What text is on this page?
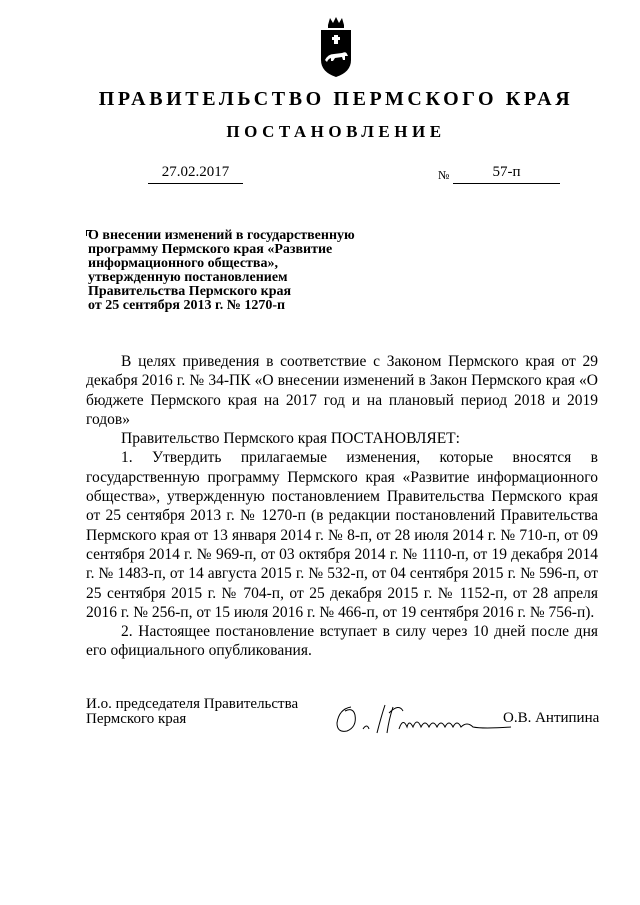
ПРАВИТЕЛЬСТВО ПЕРМСКОГО КРАЯ
ПОСТАНОВЛЕНИЕ
27.02.2017	№	57-п
О внесении изменений в государственную
программу Пермского края «Развитие
информационного общества»,
утвержденную постановлением
Правительства Пермского края
от 25 сентября 2013 г. № 1270-п

В целях приведения в соответствие с Законом Пермского края от 29 декабря 2016 г. № 34-ПК «О внесении изменений в Закон Пермского края «О бюджете Пермского края на 2017 год и на плановый период 2018 и 2019 годов»

Правительство Пермского края ПОСТАНОВЛЯЕТ:

1. Утвердить прилагаемые изменения, которые вносятся в государственную программу Пермского края «Развитие информационного общества», утвержденную постановлением Правительства Пермского края от 25 сентября 2013 г. № 1270-п (в редакции постановлений Правительства Пермского края от 13 января 2014 г. № 8-п, от 28 июля 2014 г. № 710-п, от 09 сентября 2014 г. № 969-п, от 03 октября 2014 г. № 1110-п, от 19 декабря 2014 г. № 1483-п, от 14 августа 2015 г. № 532-п, от 04 сентября 2015 г. № 596-п, от 25 сентября 2015 г. № 704-п, от 25 декабря 2015 г. № 1152-п, от 28 апреля 2016 г. № 256-п, от 15 июля 2016 г. № 466-п, от 19 сентября 2016 г. № 756-п).

2. Настоящее постановление вступает в силу через 10 дней после дня его официального опубликования.

И.о. председателя Правительства
Пермского края	О.В. Антипина
